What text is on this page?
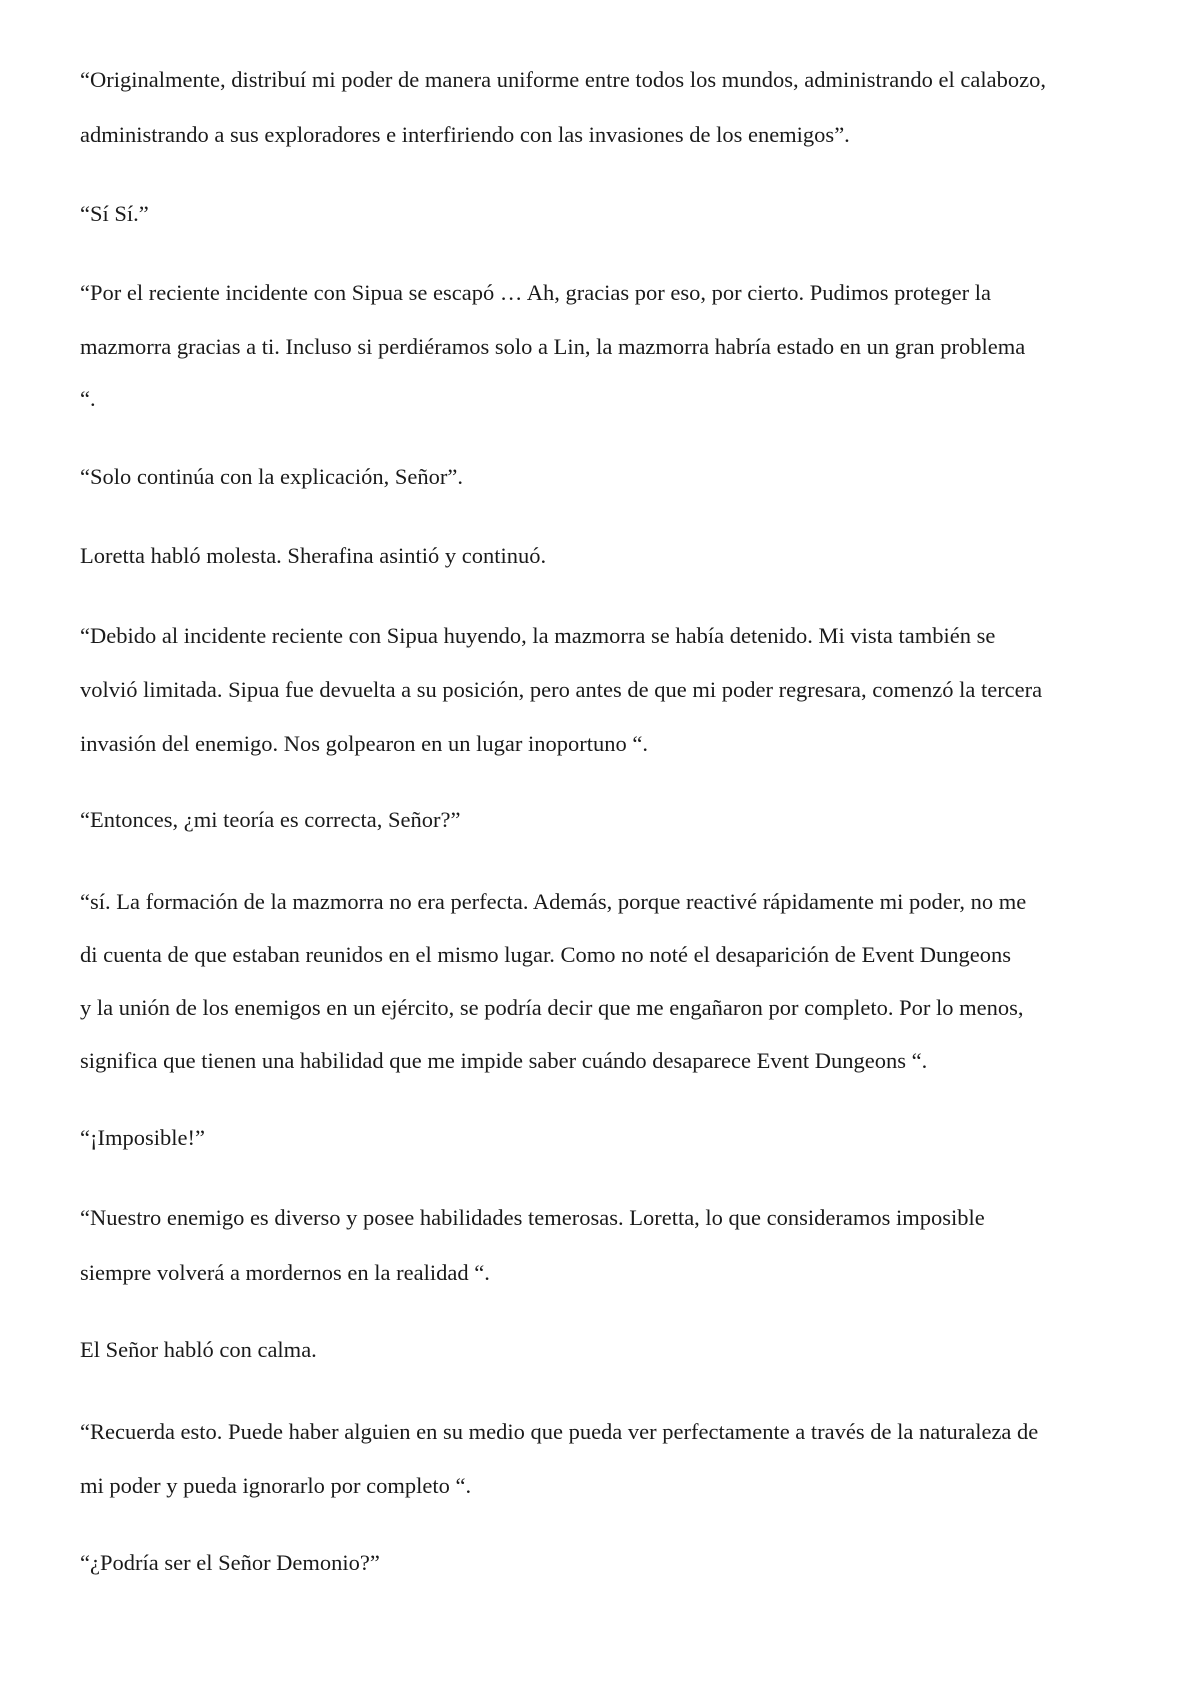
“Originalmente, distribuí mi poder de manera uniforme entre todos los mundos, administrando el calabozo,

administrando a sus exploradores e interfiriendo con las invasiones de los enemigos”.

“Sí Sí.”

“Por el reciente incidente con Sipua se escapó … Ah, gracias por eso, por cierto. Pudimos proteger la

mazmorra gracias a ti. Incluso si perdiéramos solo a Lin, la mazmorra habría estado en un gran problema

“.

“Solo continúa con la explicación, Señor”.

Loretta habló molesta. Sherafina asintió y continuó.

“Debido al incidente reciente con Sipua huyendo, la mazmorra se había detenido. Mi vista también se

volvió limitada. Sipua fue devuelta a su posición, pero antes de que mi poder regresara, comenzó la tercera

invasión del enemigo. Nos golpearon en un lugar inoportuno “.

“Entonces, ¿mi teoría es correcta, Señor?”

“sí. La formación de la mazmorra no era perfecta. Además, porque reactivé rápidamente mi poder, no me

di cuenta de que estaban reunidos en el mismo lugar. Como no noté el desaparición de Event Dungeons

y la unión de los enemigos en un ejército, se podría decir que me engañaron por completo. Por lo menos,

significa que tienen una habilidad que me impide saber cuándo desaparece Event Dungeons “.

“¡Imposible!”

“Nuestro enemigo es diverso y posee habilidades temerosas. Loretta, lo que consideramos imposible

siempre volverá a mordernos en la realidad “.

El Señor habló con calma.

“Recuerda esto. Puede haber alguien en su medio que pueda ver perfectamente a través de la naturaleza de

mi poder y pueda ignorarlo por completo “.

“¿Podría ser el Señor Demonio?”
